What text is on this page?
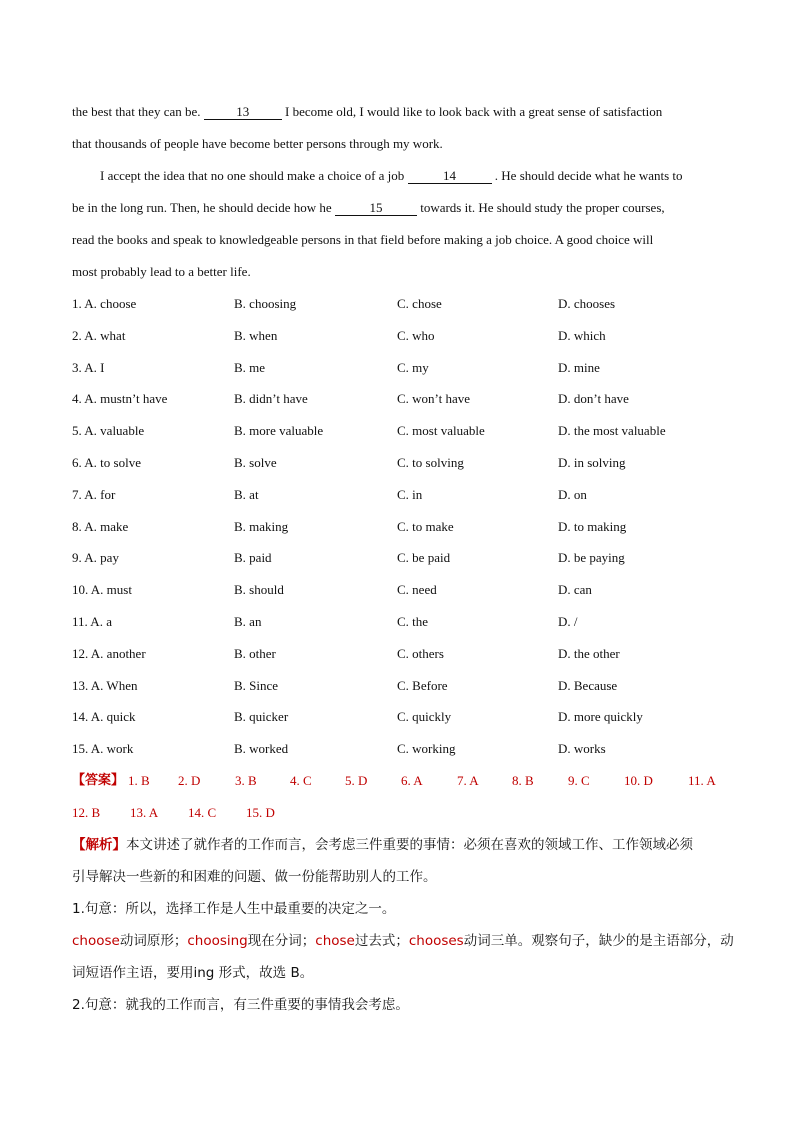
the best that they can be.	13	I become old, I would like to look back with a great sense of satisfaction
that thousands of people have become better persons through my work.
I accept the idea that no one should make a choice of a job	14	. He should decide what he wants to
be in the long run. Then, he should decide how he	15	towards it. He should study the proper courses,
read the books and speak to knowledgeable persons in that field before making a job choice. A good choice will
most probably lead to a better life.
1. A. choose	B. choosing	C. chose	D. chooses
2. A. what	B. when	C. who	D. which
3. A. I	B. me	C. my	D. mine
4. A. mustn’t have	B. didn’t have	C. won’t have	D. don’t have
5. A. valuable	B. more valuable	C. most valuable	D. the most valuable
6. A. to solve	B. solve	C. to solving	D. in solving
7. A. for	B. at	C. in	D. on
8. A. make	B. making	C. to make	D. to making
9. A. pay	B. paid	C. be paid	D. be paying
10. A. must	B. should	C. need	D. can
11. A. a	B. an	C. the	D. /
12. A. another	B. other	C. others	D. the other
13. A. When	B. Since	C. Before	D. Because
14. A. quick	B. quicker	C. quickly	D. more quickly
15. A. work	B. worked	C. working	D. works
【答案】 1. B	2. D	3. B	4. C	5. D	6. A	7. A	8. B	9. C	10. D	11. A
12. B	13. A	14. C	15. D
【解析】本文讲述了就作者的工作而言，会考虑三件重要的事情：必须在喜欢的领域工作、工作领域必须
引导解决一些新的和困难的问题、做一份能帮助别人的工作。
1.句意：所以，选择工作是人生中最重要的决定之一。
choose动词原形；choosing现在分词；chose过去式；chooses动词三单。观察句子，缺少的是主语部分，动
词短语作主语，要用ing 形式，故选 B。
2.句意：就我的工作而言，有三件重要的事情我会考虑。
